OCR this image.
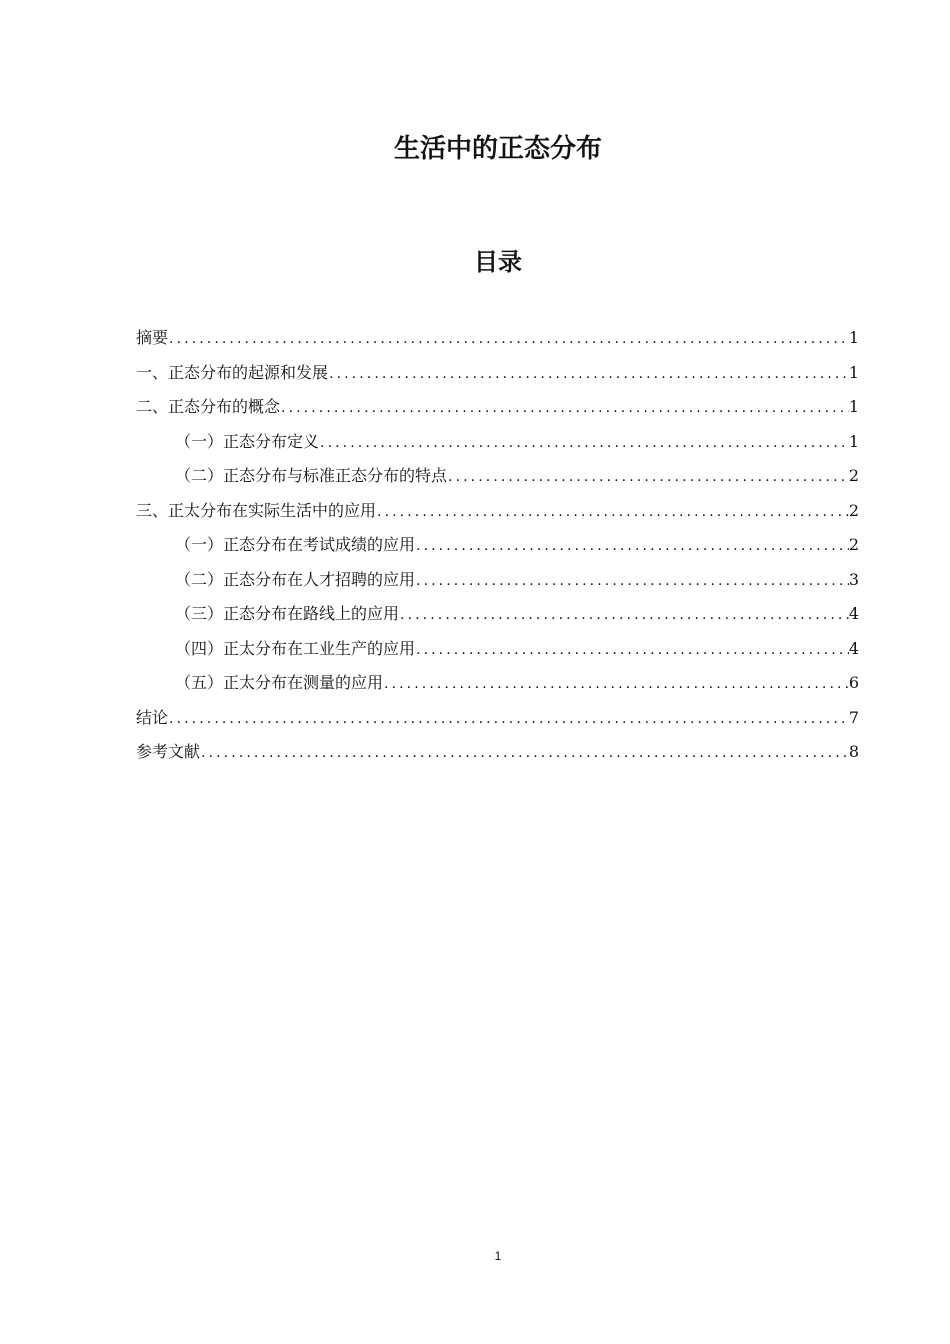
生活中的正态分布
目录
摘要 .....	1
一、正态分布的起源和发展 .....	1
二、正态分布的概念 .....	1
（一）正态分布定义 .....	1
（二）正态分布与标准正态分布的特点 .....	2
三、正太分布在实际生活中的应用 .....	2
（一）正态分布在考试成绩的应用 .....	2
（二）正态分布在人才招聘的应用 .....	3
（三）正态分布在路线上的应用 .....	4
（四）正太分布在工业生产的应用 .....	4
（五）正太分布在测量的应用 .....	6
结论 .....	7
参考文献 .....	8
1
